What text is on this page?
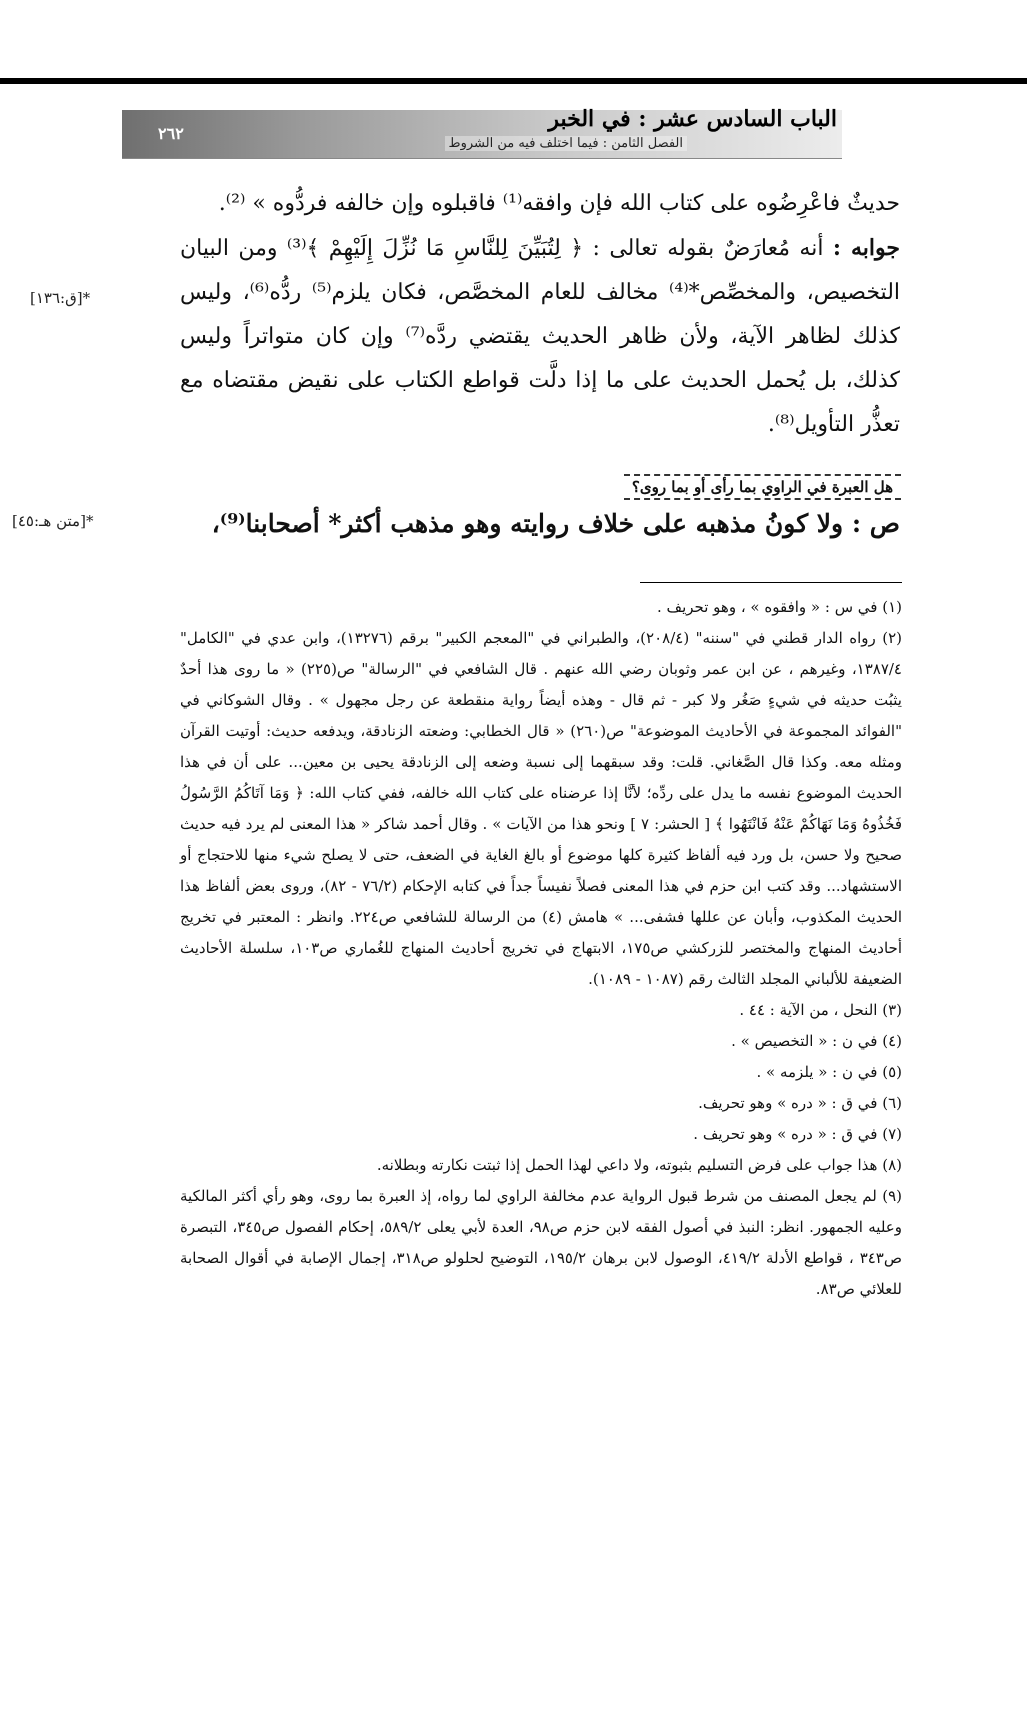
٢٦٢
الباب السادس عشر : في الخبر
الفصل الثامن : فيما اختلف فيه من الشروط

حديثٌ فاعْرِضُوه على كتاب الله فإن وافقه⁽¹⁾ فاقبلوه وإن خالفه فردُّوه » ⁽²⁾.

جوابه : أنه مُعارَضٌ بقوله تعالى : ﴿ لِتُبَيِّنَ لِلنَّاسِ مَا نُزِّلَ إِلَيْهِمْ ﴾⁽³⁾ ومن البيان التخصيص، والمخصِّص*⁽⁴⁾ مخالف للعام المخصَّص، فكان يلزم⁽⁵⁾ ردُّه⁽⁶⁾، وليس كذلك لظاهر الآية، ولأن ظاهر الحديث يقتضي ردَّه⁽⁷⁾ وإن كان متواتراً وليس كذلك، بل يُحمل الحديث على ما إذا دلَّت قواطع الكتاب على نقيض مقتضاه مع تعذُّر التأويل⁽⁸⁾.

*[ق:١٣٦]
هل العبرة في الراوي بما رأى أو بما روى؟
ص : ولا كونُ مذهبه على خلاف روايته وهو مذهب أكثر* أصحابنا⁽⁹⁾،
*[متن هـ:٤٥]

(١) في س : « وافقوه » ، وهو تحريف .

(٢) رواه الدار قطني في "سننه" (٢٠٨/٤)، والطبراني في "المعجم الكبير" برقم (١٣٢٧٦)، وابن عدي في "الكامل" ١٣٨٧/٤، وغيرهم ، عن ابن عمر وثوبان رضي الله عنهم . قال الشافعي في "الرسالة" ص(٢٢٥) « ما روى هذا أحدٌ يثبُت حديثه في شيءٍ صَغُر ولا كبر - ثم قال - وهذه أيضاً رواية منقطعة عن رجل مجهول » . وقال الشوكاني في "الفوائد المجموعة في الأحاديث الموضوعة" ص(٢٦٠) « قال الخطابي: وضعته الزنادقة، ويدفعه حديث: أوتيت القرآن ومثله معه. وكذا قال الصَّغاني. قلت: وقد سبقهما إلى نسبة وضعه إلى الزنادقة يحيى بن معين... على أن في هذا الحديث الموضوع نفسه ما يدل على ردِّه؛ لأنَّا إذا عرضناه على كتاب الله خالفه، ففي كتاب الله: ﴿ وَمَا آتَاكُمُ الرَّسُولُ فَخُذُوهُ وَمَا نَهَاكُمْ عَنْهُ فَانْتَهُوا ﴾ [ الحشر: ٧ ] ونحو هذا من الآيات » . وقال أحمد شاكر « هذا المعنى لم يرد فيه حديث صحيح ولا حسن، بل ورد فيه ألفاظ كثيرة كلها موضوع أو بالغ الغاية في الضعف، حتى لا يصلح شيء منها للاحتجاج أو الاستشهاد... وقد كتب ابن حزم في هذا المعنى فصلاً نفيساً جداً في كتابه الإحكام (٧٦/٢ - ٨٢)، وروى بعض ألفاظ هذا الحديث المكذوب، وأبان عن عللها فشفى... » هامش (٤) من الرسالة للشافعي ص٢٢٤. وانظر : المعتبر في تخريج أحاديث المنهاج والمختصر للزركشي ص١٧٥، الابتهاج في تخريج أحاديث المنهاج للغُماري ص١٠٣، سلسلة الأحاديث الضعيفة للألباني المجلد الثالث رقم (١٠٨٧ - ١٠٨٩).

(٣) النحل ، من الآية : ٤٤ .

(٤) في ن : « التخصيص » .

(٥) في ن : « يلزمه » .

(٦) في ق : « دره » وهو تحريف.

(٧) في ق : « دره » وهو تحريف .

(٨) هذا جواب على فرض التسليم بثبوته، ولا داعي لهذا الحمل إذا ثبتت نكارته وبطلانه.

(٩) لم يجعل المصنف من شرط قبول الرواية عدم مخالفة الراوي لما رواه، إذ العبرة بما روى، وهو رأي أكثر المالكية وعليه الجمهور. انظر: النبذ في أصول الفقه لابن حزم ص٩٨، العدة لأبي يعلى ٥٨٩/٢، إحكام الفصول ص٣٤٥، التبصرة ص٣٤٣ ، قواطع الأدلة ٤١٩/٢، الوصول لابن برهان ١٩٥/٢، التوضيح لحلولو ص٣١٨، إجمال الإصابة في أقوال الصحابة للعلائي ص٨٣.
